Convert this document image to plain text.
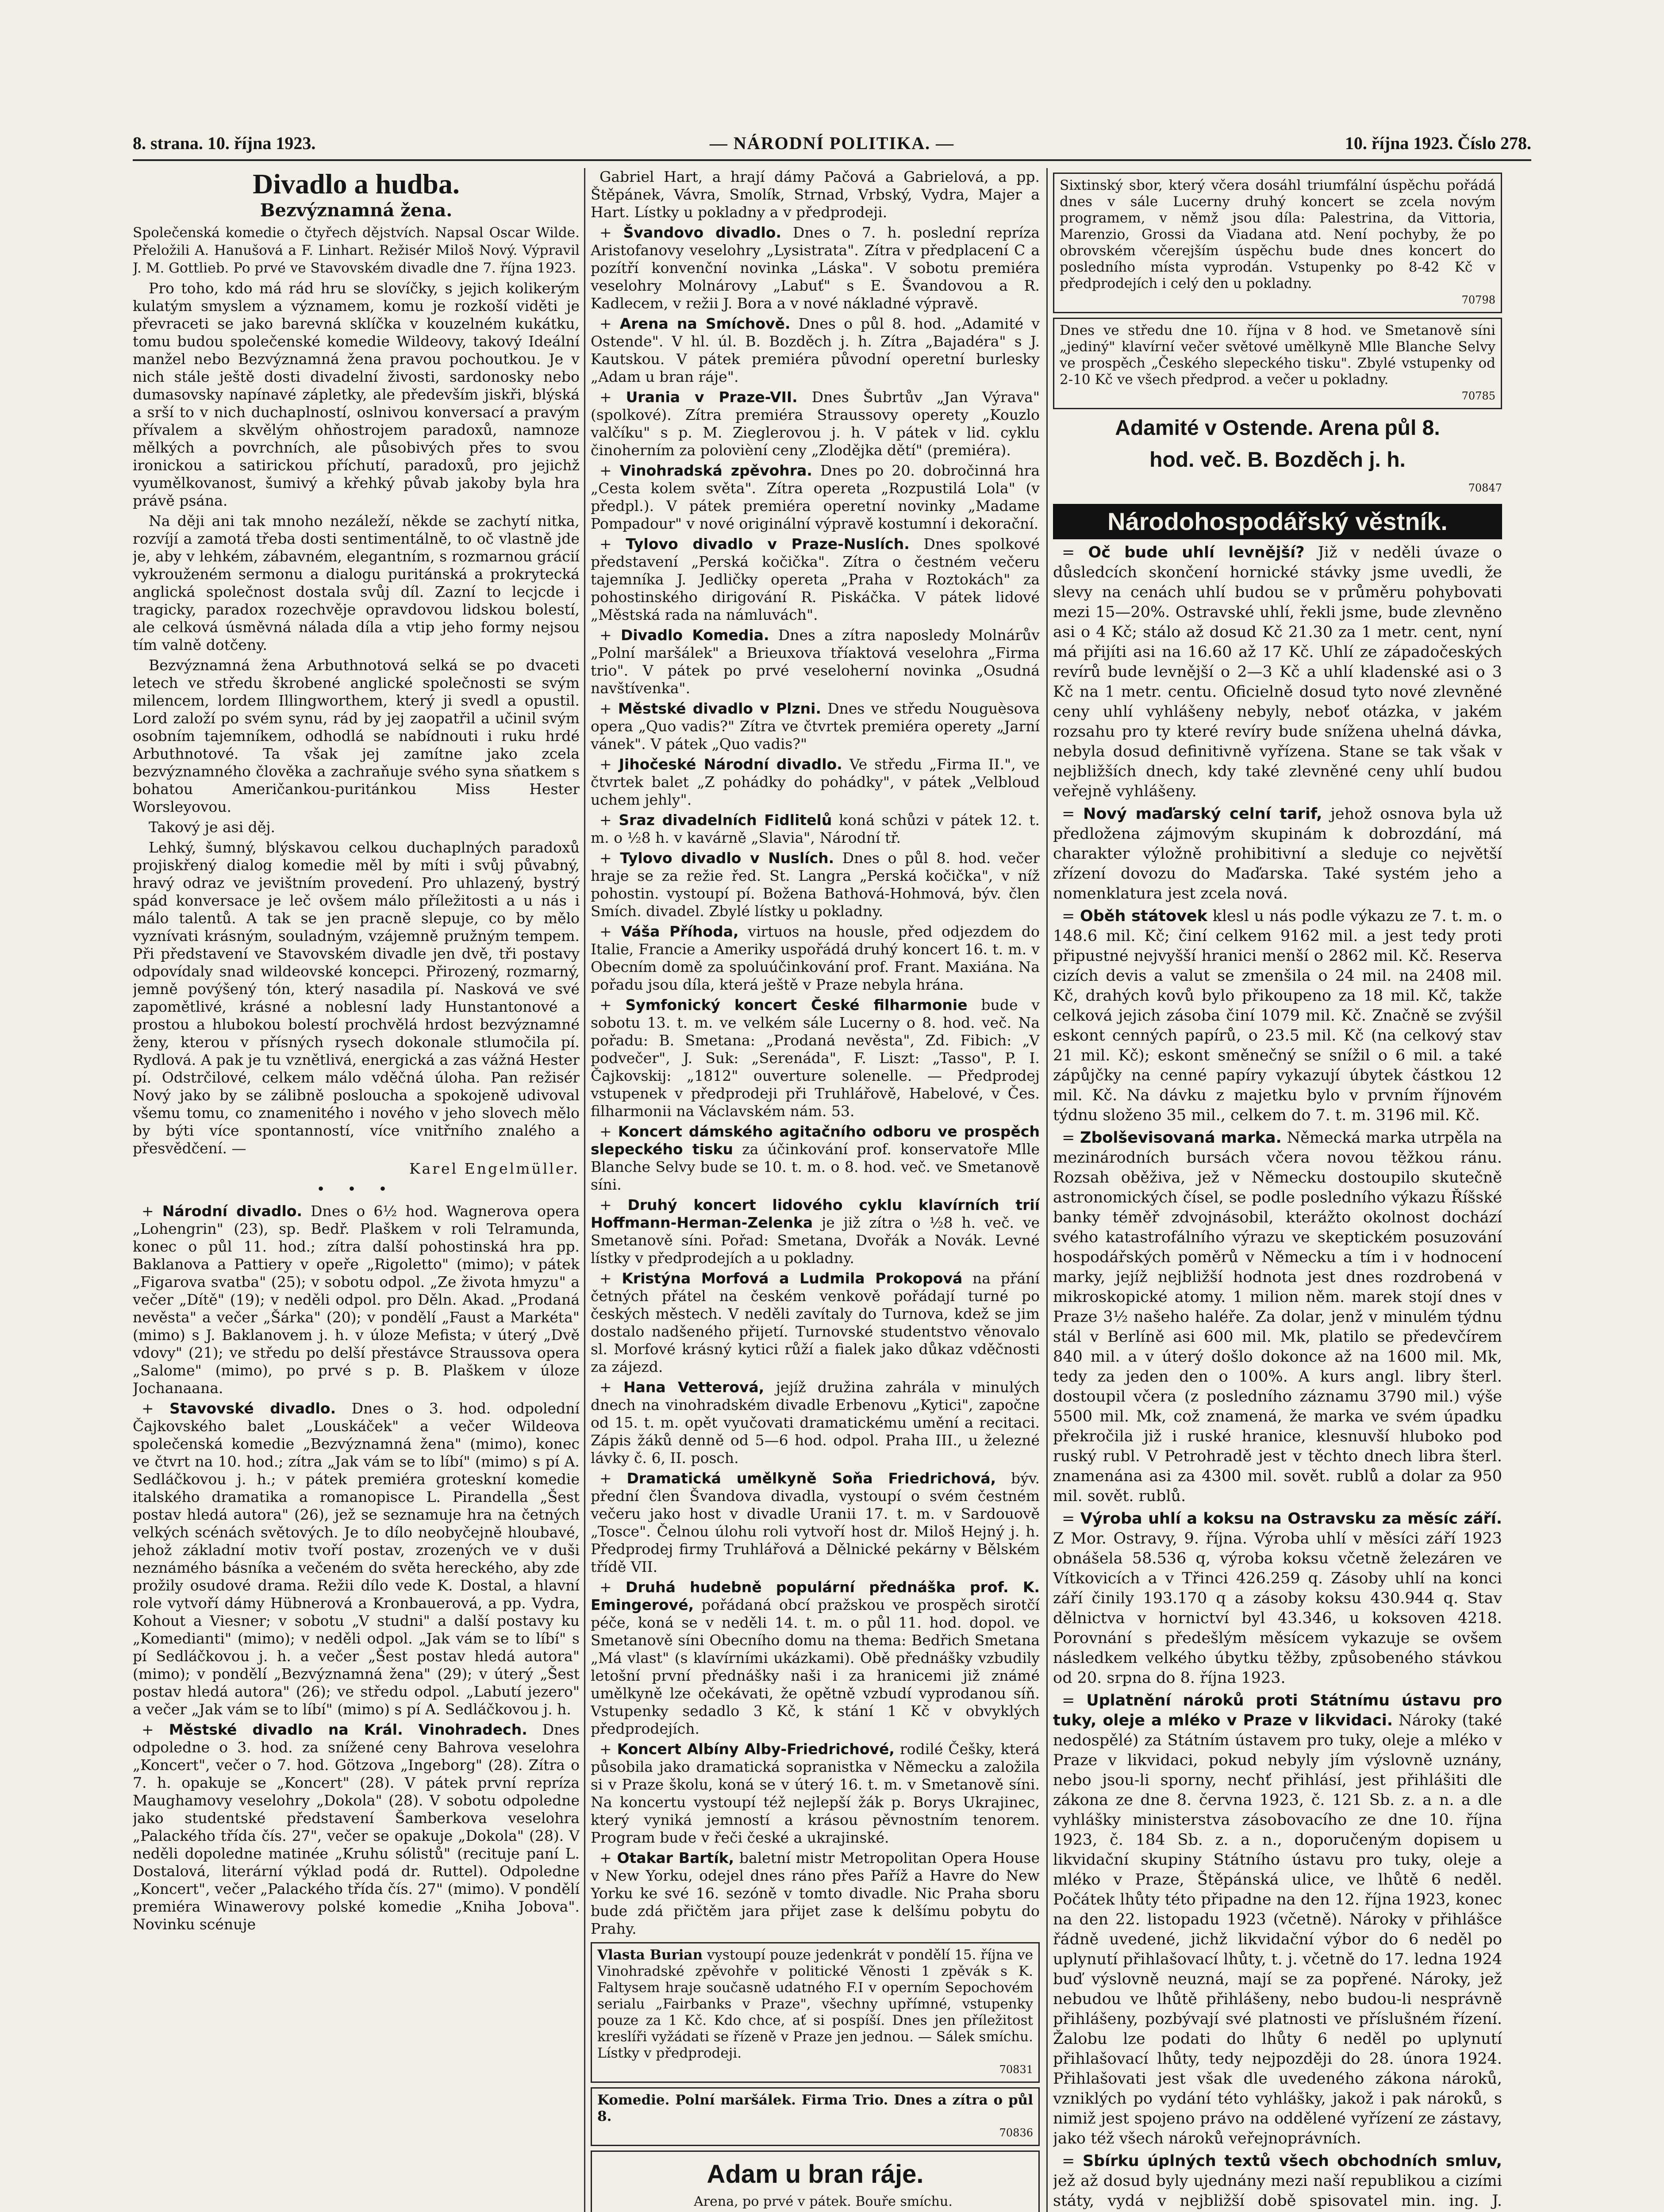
8. strana. 10. října 1923.	— NÁRODNÍ POLITIKA. —	10. října 1923. Číslo 278.
Divadlo a hudba.
Bezvýznamná žena.

Společenská komedie o čtyřech dějstvích. Napsal Oscar Wilde. Přeložili A. Hanušová a F. Linhart. Režisér Miloš Nový. Výpravil J. M. Gottlieb. Po prvé ve Stavovském divadle dne 7. října 1923.

Pro toho, kdo má rád hru se slovíčky, s jejich kolikerým kulatým smyslem a významem, komu je rozkoší viděti je převraceti se jako barevná sklíčka v kouzelném kukátku, tomu budou společenské komedie Wildeovy, takový Ideální manžel nebo Bezvýznamná žena pravou pochoutkou. Je v nich stále ještě dosti divadelní živosti, sardonosky nebo dumasovsky napínavé zápletky, ale především jiskři, blýská a srší to v nich duchaplností, oslnivou konversací a pravým přívalem a skvělým ohňostrojem paradoxů, namnoze mělkých a povrchních, ale působivých přes to svou ironickou a satirickou příchutí, paradoxů, pro jejichž vyumělkovanost, šumivý a křehký půvab jakoby byla hra právě psána.

Na ději ani tak mnoho nezáleží, někde se zachytí nitka, rozvíjí a zamotá třeba dosti sentimentálně, to oč vlastně jde je, aby v lehkém, zábavném, elegantním, s rozmarnou grácií vykrouženém sermonu a dialogu puritánská a prokrytecká anglická společnost dostala svůj díl. Zazní to lecjcde i tragicky, paradox rozechvěje opravdovou lidskou bolestí, ale celková úsměvná nálada díla a vtip jeho formy nejsou tím valně dotčeny.

Bezvýznamná žena Arbuthnotová selká se po dvaceti letech ve středu škrobené anglické společnosti se svým milencem, lordem Illingworthem, který ji svedl a opustil. Lord založí po svém synu, rád by jej zaopatřil a učinil svým osobním tajemníkem, odhodlá se nabídnouti i ruku hrdé Arbuthnotové. Ta však jej zamítne jako zcela bezvýznamného člověka a zachraňuje svého syna sňatkem s bohatou Američankou-puritánkou Miss Hester Worsleyovou.

Takový je asi děj.

Lehký, šumný, blýskavou celkou duchaplných paradoxů projiskřený dialog komedie měl by míti i svůj půvabný, hravý odraz ve jevištním provedení. Pro uhlazený, bystrý spád konversace je leč ovšem málo příležitosti a u nás i málo talentů. A tak se jen pracně slepuje, co by mělo vyznívati krásným, souladným, vzájemně pružným tempem. Při představení ve Stavovském divadle jen dvě, tři postavy odpovídaly snad wildeovské koncepci. Přirozený, rozmarný, jemně povýšený tón, který nasadila pí. Nasková ve své zapomětlivé, krásné a noblesní lady Hunstantonové a prostou a hlubokou bolestí prochvělá hrdost bezvýznamné ženy, kterou v přísných rysech dokonale stlumočila pí. Rydlová. A pak je tu vznětlivá, energická a zas vážná Hester pí. Odstrčilové, celkem málo vděčná úloha. Pan režisér Nový jako by se zálibně posloucha a spokojeně udivoval všemu tomu, co znamenitého i nového v jeho slovech mělo by býti více spontanností, více vnitřního znalého a přesvědčení. —

Karel Engelmüller.
• • •

+ Národní divadlo. Dnes o 6½ hod. Wagnerova opera „Lohengrin" (23), sp. Bedř. Plaškem v roli Telramunda, konec o půl 11. hod.; zítra další pohostinská hra pp. Baklanova a Pattiery v opeře „Rigoletto" (mimo); v pátek „Figarova svatba" (25); v sobotu odpol. „Ze života hmyzu" a večer „Dítě" (19); v neděli odpol. pro Děln. Akad. „Prodaná nevěsta" a večer „Šárka" (20); v pondělí „Faust a Markéta" (mimo) s J. Baklanovem j. h. v úloze Mefista; v úterý „Dvě vdovy" (21); ve středu po delší přestávce Straussova opera „Salome" (mimo), po prvé s p. B. Plaškem v úloze Jochanaana.

+ Stavovské divadlo. Dnes o 3. hod. odpolední Čajkovského balet „Louskáček" a večer Wildeova společenská komedie „Bezvýznamná žena" (mimo), konec ve čtvrt na 10. hod.; zítra „Jak vám se to líbí" (mimo) s pí A. Sedláčkovou j. h.; v pátek premiéra groteskní komedie italského dramatika a romanopisce L. Pirandella „Šest postav hledá autora" (26), jež se seznamuje hra na četných velkých scénách světových. Je to dílo neobyčejně hloubavé, jehož základní motiv tvoří postav, zrozených ve v duši neznámého básníka a večeném do světa hereckého, aby zde prožily osudové drama. Režii dílo vede K. Dostal, a hlavní role vytvoří dámy Hübnerová a Kronbauerová, a pp. Vydra, Kohout a Viesner; v sobotu „V studni" a další postavy ku „Komedianti" (mimo); v neděli odpol. „Jak vám se to líbí" s pí Sedláčkovou j. h. a večer „Šest postav hledá autora" (mimo); v pondělí „Bezvýznamná žena" (29); v úterý „Šest postav hledá autora" (26); ve středu odpol. „Labutí jezero" a večer „Jak vám se to líbí" (mimo) s pí A. Sedláčkovou j. h.

+ Městské divadlo na Král. Vinohradech. Dnes odpoledne o 3. hod. za snížené ceny Bahrova veselohra „Koncert", večer o 7. hod. Götzova „Ingeborg" (28). Zítra o 7. h. opakuje se „Koncert" (28). V pátek první repríza Maughamovy veselohry „Dokola" (28). V sobotu odpoledne jako studentské představení Šamberkova veselohra „Palackého třída čís. 27", večer se opakuje „Dokola" (28). V neděli dopoledne matinée „Kruhu sólistů" (recituje paní L. Dostalová, literární výklad podá dr. Ruttel). Odpoledne „Koncert", večer „Palackého třída čís. 27" (mimo). V pondělí premiéra Winawerovy polské komedie „Kniha Jobova". Novinku scénuje

Gabriel Hart, a hrají dámy Pačová a Gabrielová, a pp. Štěpánek, Vávra, Smolík, Strnad, Vrbský, Vydra, Majer a Hart. Lístky u pokladny a v předprodeji.

+ Švandovo divadlo. Dnes o 7. h. poslední repríza Aristofanovy veselohry „Lysistrata". Zítra v předplacení C a pozítří konvenční novinka „Láska". V sobotu premiéra veselohry Molnárovy „Labuť" s E. Švandovou a R. Kadlecem, v režii J. Bora a v nové nákladné výpravě.

+ Arena na Smíchově. Dnes o půl 8. hod. „Adamité v Ostende". V hl. úl. B. Bozděch j. h. Zítra „Bajadéra" s J. Kautskou. V pátek premiéra původní operetní burlesky „Adam u bran ráje".

+ Urania v Praze-VII. Dnes Šubrtův „Jan Výrava" (spolkové). Zítra premiéra Straussovy operety „Kouzlo valčíku" s p. M. Zieglerovou j. h. V pátek v lid. cyklu činoherním za polovièní ceny „Zlodějka dětí" (premiéra).

+ Vinohradská zpěvohra. Dnes po 20. dobročinná hra „Cesta kolem světa". Zítra opereta „Rozpustilá Lola" (v předpl.). V pátek premiéra operetní novinky „Madame Pompadour" v nové originální výpravě kostumní i dekorační.

+ Tylovo divadlo v Praze-Nuslích. Dnes spolkové představení „Perská kočička". Zítra o čestném večeru tajemníka J. Jedličky opereta „Praha v Roztokách" za pohostinského dirigování R. Piskáčka. V pátek lidové „Městská rada na námluvách".

+ Divadlo Komedia. Dnes a zítra naposledy Molnárův „Polní maršálek" a Brieuxova tříaktová veselohra „Firma trio". V pátek po prvé veseloherní novinka „Osudná navštívenka".

+ Městské divadlo v Plzni. Dnes ve středu Nouguèsova opera „Quo vadis?" Zítra ve čtvrtek premiéra operety „Jarní vánek". V pátek „Quo vadis?"

+ Jihočeské Národní divadlo. Ve středu „Firma II.", ve čtvrtek balet „Z pohádky do pohádky", v pátek „Velbloud uchem jehly".

+ Sraz divadelních Fidlitelů koná schůzi v pátek 12. t. m. o ½8 h. v kavárně „Slavia", Národní tř.

+ Tylovo divadlo v Nuslích. Dnes o půl 8. hod. večer hraje se za režie řed. St. Langra „Perská kočička", v níž pohostin. vystoupí pí. Božena Bathová-Hohmová, býv. člen Smích. divadel. Zbylé lístky u pokladny.

+ Váša Příhoda, virtuos na housle, před odjezdem do Italie, Francie a Ameriky uspořádá druhý koncert 16. t. m. v Obecním domě za spoluúčinkování prof. Frant. Maxiána. Na pořadu jsou díla, která ještě v Praze nebyla hrána.

+ Symfonický koncert České filharmonie bude v sobotu 13. t. m. ve velkém sále Lucerny o 8. hod. več. Na pořadu: B. Smetana: „Prodaná nevěsta", Zd. Fibich: „V podvečer", J. Suk: „Serenáda", F. Liszt: „Tasso", P. I. Čajkovskij: „1812" ouverture solenelle. — Předprodej vstupenek v předprodeji při Truhlářově, Habelové, v Čes. filharmonii na Václavském nám. 53.

+ Koncert dámského agitačního odboru ve prospěch slepeckého tisku za účinkování prof. konservatoře Mlle Blanche Selvy bude se 10. t. m. o 8. hod. več. ve Smetanově síni.

+ Druhý koncert lidového cyklu klavírních trií Hoffmann-Herman-Zelenka je již zítra o ½8 h. več. ve Smetanově síni. Pořad: Smetana, Dvořák a Novák. Levné lístky v předprodejích a u pokladny.

+ Kristýna Morfová a Ludmila Prokopová na přání četných přátel na českém venkově pořádají turné po českých městech. V neděli zavítaly do Turnova, kdež se jim dostalo nadšeného přijetí. Turnovské studentstvo věnovalo sl. Morfové krásný kytici růží a fialek jako důkaz vděčnosti za zájezd.

+ Hana Vetterová, jejíž družina zahrála v minulých dnech na vinohradském divadle Erbenovu „Kytici", započne od 15. t. m. opět vyučovati dramatickému umění a recitaci. Zápis žáků denně od 5—6 hod. odpol. Praha III., u železné lávky č. 6, II. posch.

+ Dramatická umělkyně Soňa Friedrichová, býv. přední člen Švandova divadla, vystoupí o svém čestném večeru jako host v divadle Uranii 17. t. m. v Sardouově „Tosce". Čelnou úlohu roli vytvoří host dr. Miloš Hejný j. h. Předprodej firmy Truhlářová a Dělnické pekárny v Bělském třídě VII.

+ Druhá hudebně populární přednáška prof. K. Emingerové, pořádaná obcí pražskou ve prospěch sirotčí péče, koná se v neděli 14. t. m. o půl 11. hod. dopol. ve Smetanově síni Obecního domu na thema: Bedřich Smetana „Má vlast" (s klavírními ukázkami). Obě přednášky vzbudily letošní první přednášky naši i za hranicemi již známé umělkyně lze očekávati, že opětně vzbudí vyprodanou síň. Vstupenky sedadlo 3 Kč, k stání 1 Kč v obvyklých předprodejích.

+ Koncert Albíny Alby-Friedrichové, rodilé Češky, která působila jako dramatická sopranistka v Německu a založila si v Praze školu, koná se v úterý 16. t. m. v Smetanově síni. Na koncertu vystoupí též nejlepší žák p. Borys Ukrajinec, který vyniká jemností a krásou pěvnostním tenorem. Program bude v řeči české a ukrajinské.

+ Otakar Bartík, baletní mistr Metropolitan Opera House v New Yorku, odejel dnes ráno přes Paříž a Havre do New Yorku ke své 16. sezóně v tomto divadle. Nic Praha sboru bude zdá přičtěm jara přijet zase k delšímu pobytu do Prahy.

Vlasta Burian vystoupí pouze jedenkrát v pondělí 15. října ve Vinohradské zpěvohře v politické Věnosti 1 zpěvák s K. Faltysem hraje současně udatného F.I v operním Sepochovém serialu „Fairbanks v Praze", všechny upřímné, vstupenky pouze za 1 Kč. Kdo chce, ať si pospíší. Dnes jen příležitost kreslíři vyžádati se řízeně v Praze jen jednou. — Sálek smíchu. Lístky v předprodeji.
70831
Komedie. Polní maršálek. Firma Trio. Dnes a zítra o půl 8.
70836
Adam u bran ráje.

Arena, po prvé v pátek. Bouře smíchu.

Sixtinský sbor, který včera dosáhl triumfální úspěchu pořádá dnes v sále Lucerny druhý koncert se zcela novým programem, v němž jsou díla: Palestrina, da Vittoria, Marenzio, Grossi da Viadana atd. Není pochyby, že po obrovském včerejším úspěchu bude dnes koncert do posledního místa vyprodán. Vstupenky po 8-42 Kč v předprodejích i celý den u pokladny.
70798
Dnes ve středu dne 10. října v 8 hod. ve Smetanově síni „jediný" klavírní večer světové umělkyně Mlle Blanche Selvy ve prospěch „Českého slepeckého tisku". Zbylé vstupenky od 2-10 Kč ve všech předprod. a večer u pokladny.
70785
Adamité v Ostende. Arena půl 8.
hod. več. B. Bozděch j. h.
70847
Národohospodářský věstník.

= Oč bude uhlí levnější? Již v neděli úvaze o důsledcích skončení hornické stávky jsme uvedli, že slevy na cenách uhlí budou se v průměru pohybovati mezi 15—20%. Ostravské uhlí, řekli jsme, bude zlevněno asi o 4 Kč; stálo až dosud Kč 21.30 za 1 metr. cent, nyní má přijíti asi na 16.60 až 17 Kč. Uhlí ze západočeských revírů bude levnější o 2—3 Kč a uhlí kladenské asi o 3 Kč na 1 metr. centu. Oficielně dosud tyto nové zlevněné ceny uhlí vyhlášeny nebyly, neboť otázka, v jakém rozsahu pro ty které revíry bude snížena uhelná dávka, nebyla dosud definitivně vyřízena. Stane se tak však v nejbližších dnech, kdy také zlevněné ceny uhlí budou veřejně vyhlášeny.

= Nový maďarský celní tarif, jehož osnova byla už předložena zájmovým skupinám k dobrozdání, má charakter výložně prohibitivní a sleduje co největší zřízení dovozu do Maďarska. Také systém jeho a nomenklatura jest zcela nová.

= Oběh státovek klesl u nás podle výkazu ze 7. t. m. o 148.6 mil. Kč; činí celkem 9162 mil. a jest tedy proti připustné nejvyšší hranici menší o 2862 mil. Kč. Reserva cizích devis a valut se zmenšila o 24 mil. na 2408 mil. Kč, drahých kovů bylo přikoupeno za 18 mil. Kč, takže celková jejich zásoba činí 1079 mil. Kč. Značně se zvýšil eskont cenných papírů, o 23.5 mil. Kč (na celkový stav 21 mil. Kč); eskont směnečný se snížil o 6 mil. a také zápůjčky na cenné papíry vykazují úbytek částkou 12 mil. Kč. Na dávku z majetku bylo v prvním říjnovém týdnu složeno 35 mil., celkem do 7. t. m. 3196 mil. Kč.

= Zbolševisovaná marka. Německá marka utrpěla na mezinárodních bursách včera novou těžkou ránu. Rozsah oběživa, jež v Německu dostoupilo skutečně astronomických čísel, se podle posledního výkazu Říšské banky téměř zdvojnásobil, kterážto okolnost dochází svého katastrofálního výrazu ve skeptickém posuzování hospodářských poměrů v Německu a tím i v hodnocení marky, jejíž nejbližší hodnota jest dnes rozdrobená v mikroskopické atomy. 1 milion něm. marek stojí dnes v Praze 3½ našeho haléře. Za dolar, jenž v minulém týdnu stál v Berlíně asi 600 mil. Mk, platilo se předevčírem 840 mil. a v úterý došlo dokonce až na 1600 mil. Mk, tedy za jeden den o 100%. A kurs angl. libry šterl. dostoupil včera (z posledního záznamu 3790 mil.) výše 5500 mil. Mk, což znamená, že marka ve svém úpadku překročila již i ruské hranice, klesnuvší hluboko pod ruský rubl. V Petrohradě jest v těchto dnech libra šterl. znamenána asi za 4300 mil. sovět. rublů a dolar za 950 mil. sovět. rublů.

= Výroba uhlí a koksu na Ostravsku za měsíc září. Z Mor. Ostravy, 9. října. Výroba uhlí v měsíci září 1923 obnášela 58.536 q, výroba koksu včetně železáren ve Vítkovicích a v Třinci 426.259 q. Zásoby uhlí na konci září činily 193.170 q a zásoby koksu 430.944 q. Stav dělnictva v hornictví byl 43.346, u koksoven 4218. Porovnání s předešlým měsícem vykazuje se ovšem následkem velkého úbytku těžby, způsobeného stávkou od 20. srpna do 8. října 1923.

= Uplatnění nároků proti Státnímu ústavu pro tuky, oleje a mléko v Praze v likvidaci. Nároky (také nedospělé) za Státním ústavem pro tuky, oleje a mléko v Praze v likvidaci, pokud nebyly jím výslovně uznány, nebo jsou-li sporny, nechť přihlásí, jest přihlášiti dle zákona ze dne 8. června 1923, č. 121 Sb. z. a n. a dle vyhlášky ministerstva zásobovacího ze dne 10. října 1923, č. 184 Sb. z. a n., doporučeným dopisem u likvidační skupiny Státního ústavu pro tuky, oleje a mléko v Praze, Štěpánská ulice, ve lhůtě 6 neděl. Počátek lhůty této připadne na den 12. října 1923, konec na den 22. listopadu 1923 (včetně). Nároky v přihlášce řádně uvedené, jichž likvidační výbor do 6 neděl po uplynutí přihlašovací lhůty, t. j. včetně do 17. ledna 1924 buď výslovně neuzná, mají se za popřené. Nároky, jež nebudou ve lhůtě přihlášeny, nebo budou-li nesprávně přihlášeny, pozbývají své platnosti ve příslušném řízení. Žalobu lze podati do lhůty 6 neděl po uplynutí přihlašovací lhůty, tedy nejpozději do 28. února 1924. Přihlašovati jest však dle uvedeného zákona nároků, vzniklých po vydání této vyhlášky, jakož i pak nároků, s nimiž jest spojeno právo na oddělené vyřízení ze zástavy, jako též všech nároků veřejnoprávních.

= Sbírku úplných textů všech obchodních smluv, jež až dosud byly ujednány mezi naší republikou a cizími státy, vydá v nejbližší době spisovatel min. ing. J.
